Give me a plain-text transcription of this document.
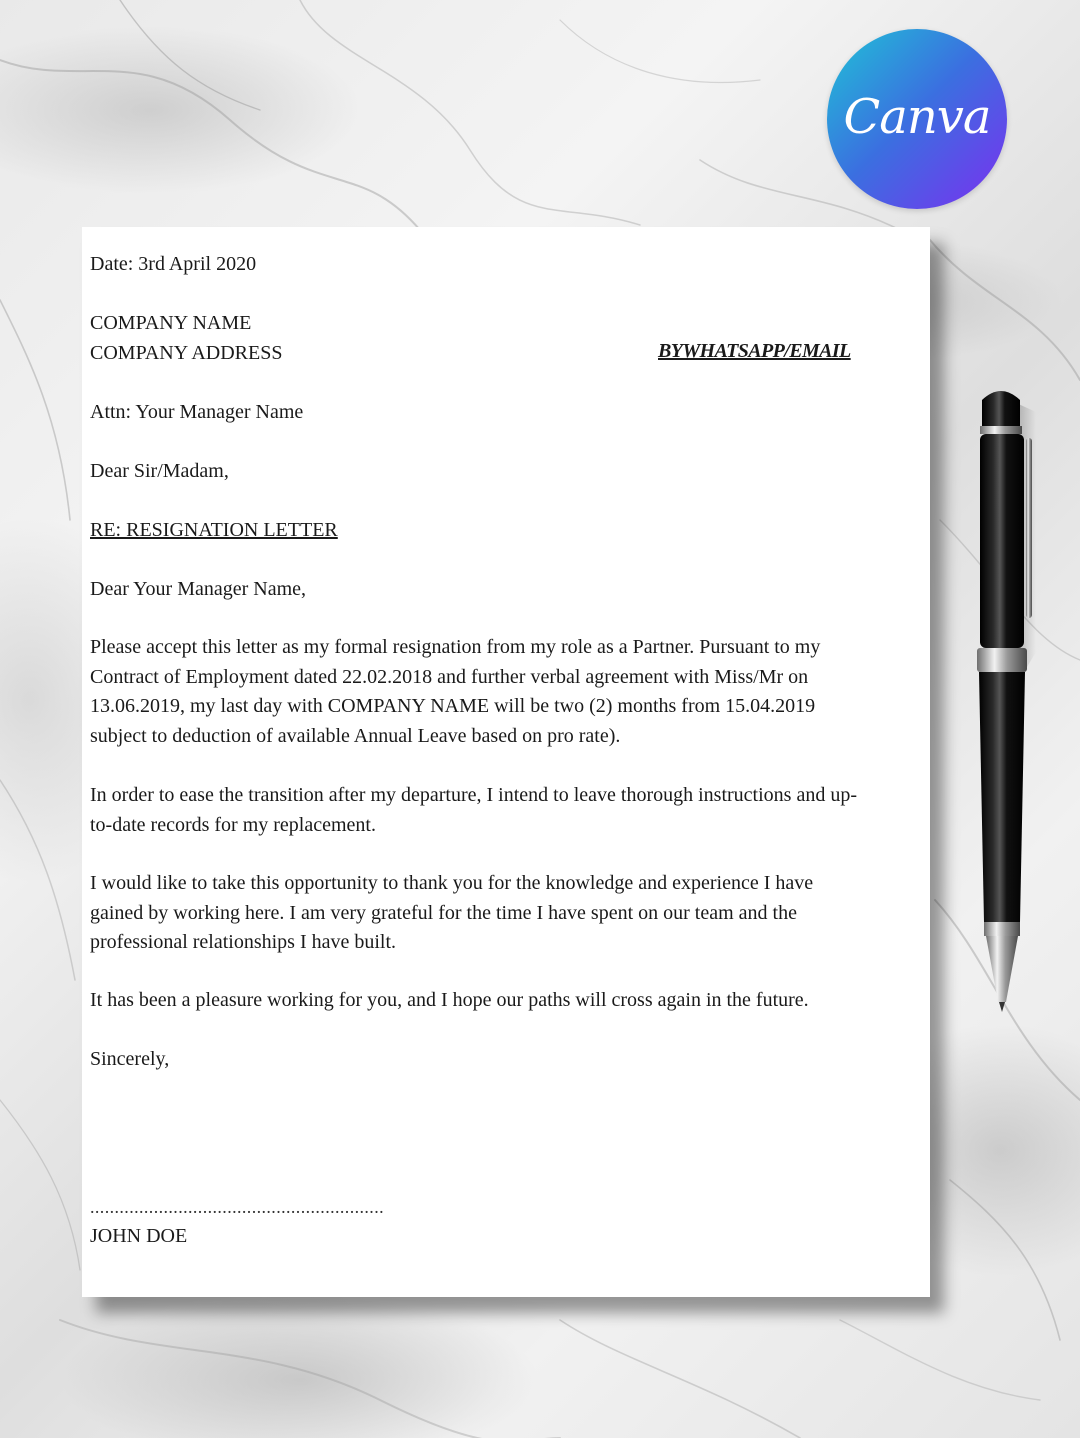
Canva
Date: 3rd April 2020
COMPANY NAME
COMPANY ADDRESS	BYWHATSAPP/EMAIL
Attn: Your Manager Name
Dear Sir/Madam,
RE: RESIGNATION LETTER
Dear Your Manager Name,

Please accept this letter as my formal resignation from my role as a Partner. Pursuant to my

Contract of Employment dated 22.02.2018 and further verbal agreement with Miss/Mr on

13.06.2019, my last day with COMPANY NAME will be two (2) months from 15.04.2019

subject to deduction of available Annual Leave based on pro rate).

In order to ease the transition after my departure, I intend to leave thorough instructions and up-

to-date records for my replacement.

I would like to take this opportunity to thank you for the knowledge and experience I have

gained by working here. I am very grateful for the time I have spent on our team and the

professional relationships I have built.

It has been a pleasure working for you, and I hope our paths will cross again in the future.
Sincerely,
............................................................
JOHN DOE
